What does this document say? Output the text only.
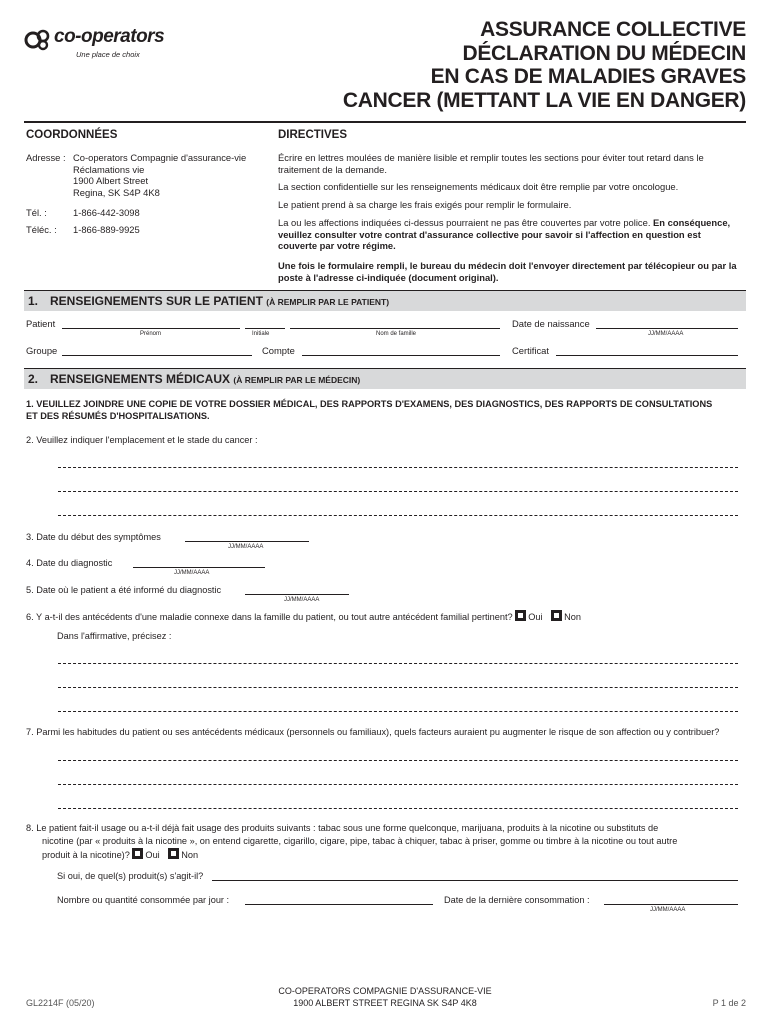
co-operators
Une place de choix
ASSURANCE COLLECTIVE
DÉCLARATION DU MÉDECIN
EN CAS DE MALADIES GRAVES
CANCER (METTANT LA VIE EN DANGER)
COORDONNÉES
Adresse : Co-operators Compagnie d'assurance-vie
Réclamations vie
1900 Albert Street
Regina, SK S4P 4K8
Tél. :	1-866-442-3098
Téléc. : 1-866-889-9925
DIRECTIVES
Écrire en lettres moulées de manière lisible et remplir toutes les sections pour éviter tout retard dans le traitement de la demande.
La section confidentielle sur les renseignements médicaux doit être remplie par votre oncologue.
Le patient prend à sa charge les frais exigés pour remplir le formulaire.
La ou les affections indiquées ci-dessus pourraient ne pas être couvertes par votre police. En conséquence, veuillez consulter votre contrat d'assurance collective pour savoir si l'affection en question est couverte par votre régime.
Une fois le formulaire rempli, le bureau du médecin doit l'envoyer directement par télécopieur ou par la poste à l'adresse ci-indiquée (document original).
1. RENSEIGNEMENTS SUR LE PATIENT (À REMPLIR PAR LE PATIENT)
Patient
Prénom	Initiale	Nom de famille
Date de naissance
JJ/MM/AAAA
Groupe	Compte	Certificat
2. RENSEIGNEMENTS MÉDICAUX (À REMPLIR PAR LE MÉDECIN)
1. VEUILLEZ JOINDRE UNE COPIE DE VOTRE DOSSIER MÉDICAL, DES RAPPORTS D'EXAMENS, DES DIAGNOSTICS, DES RAPPORTS DE CONSULTATIONS ET DES RÉSUMÉS D'HOSPITALISATIONS.
2. Veuillez indiquer l'emplacement et le stade du cancer :
3. Date du début des symptômes
JJ/MM/AAAA
4. Date du diagnostic
JJ/MM/AAAA
5. Date où le patient a été informé du diagnostic
JJ/MM/AAAA
6. Y a-t-il des antécédents d'une maladie connexe dans la famille du patient, ou tout autre antécédent familial pertinent? Oui Non
Dans l'affirmative, précisez :
7. Parmi les habitudes du patient ou ses antécédents médicaux (personnels ou familiaux), quels facteurs auraient pu augmenter le risque de son affection ou y contribuer?
8. Le patient fait-il usage ou a-t-il déjà fait usage des produits suivants : tabac sous une forme quelconque, marijuana, produits à la nicotine ou substituts de
nicotine (par « produits à la nicotine », on entend cigarette, cigarillo, cigare, pipe, tabac à chiquer, tabac à priser, gomme ou timbre à la nicotine ou tout autre
produit à la nicotine)? Oui Non
Si oui, de quel(s) produit(s) s'agit-il?
Nombre ou quantité consommée par jour :	Date de la dernière consommation :
JJ/MM/AAAA
GL2214F (05/20)
CO-OPERATORS COMPAGNIE D'ASSURANCE-VIE
1900 ALBERT STREET REGINA SK S4P 4K8	P 1 de 2
